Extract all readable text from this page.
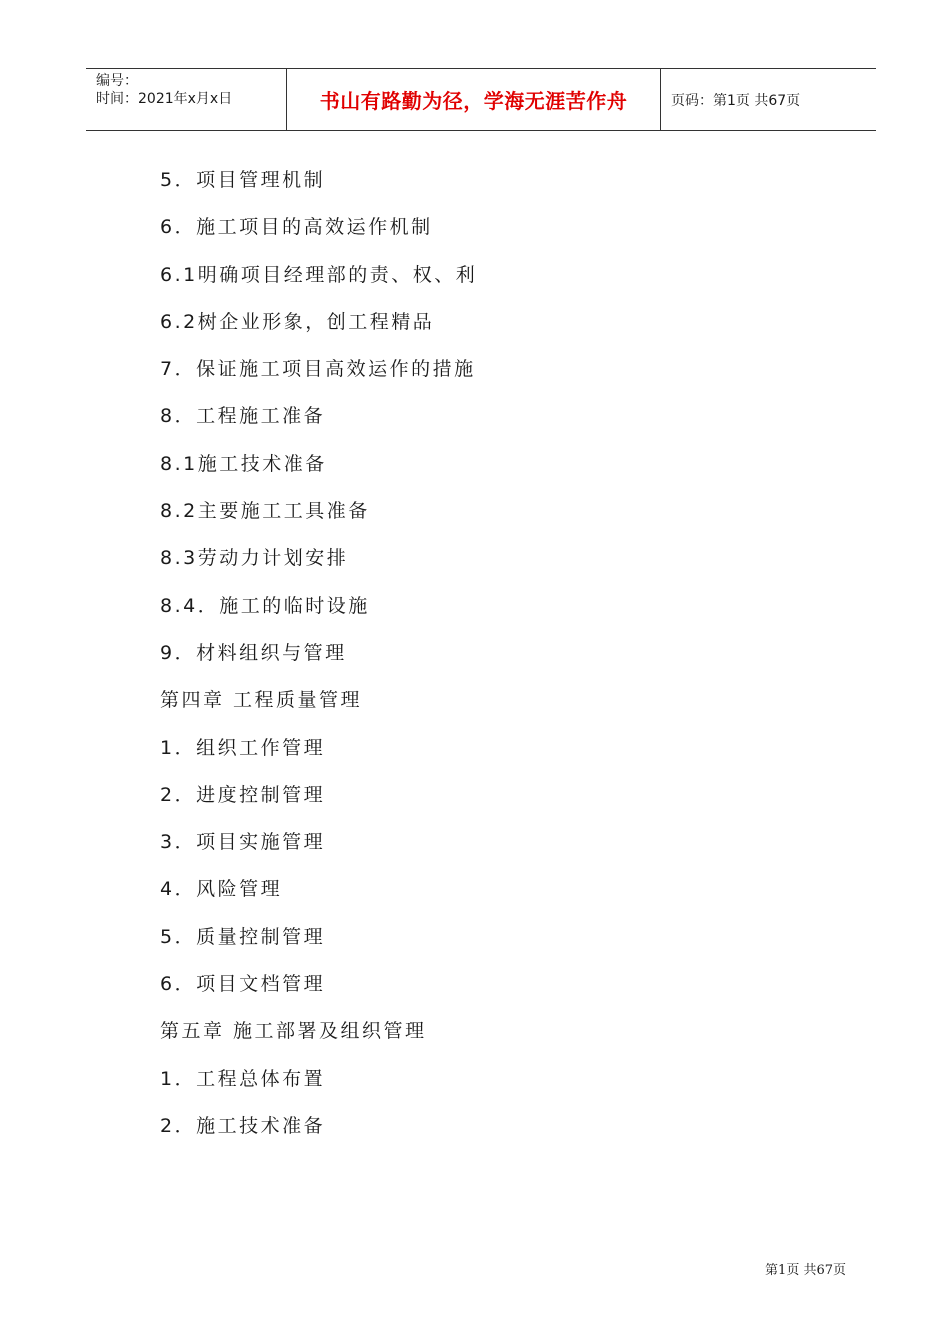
编号：
时间：2021年x月x日	书山有路勤为径，学海无涯苦作舟	页码：第1页 共67页
5．项目管理机制
6．施工项目的高效运作机制
6.1明确项目经理部的责、权、利
6.2树企业形象，创工程精品
7．保证施工项目高效运作的措施
8．工程施工准备
8.1施工技术准备
8.2主要施工工具准备
8.3劳动力计划安排
8.4．施工的临时设施
9．材料组织与管理
第四章 工程质量管理
1．组织工作管理
2．进度控制管理
3．项目实施管理
4．风险管理
5．质量控制管理
6．项目文档管理
第五章 施工部署及组织管理
1．工程总体布置
2．施工技术准备
第1页 共67页
